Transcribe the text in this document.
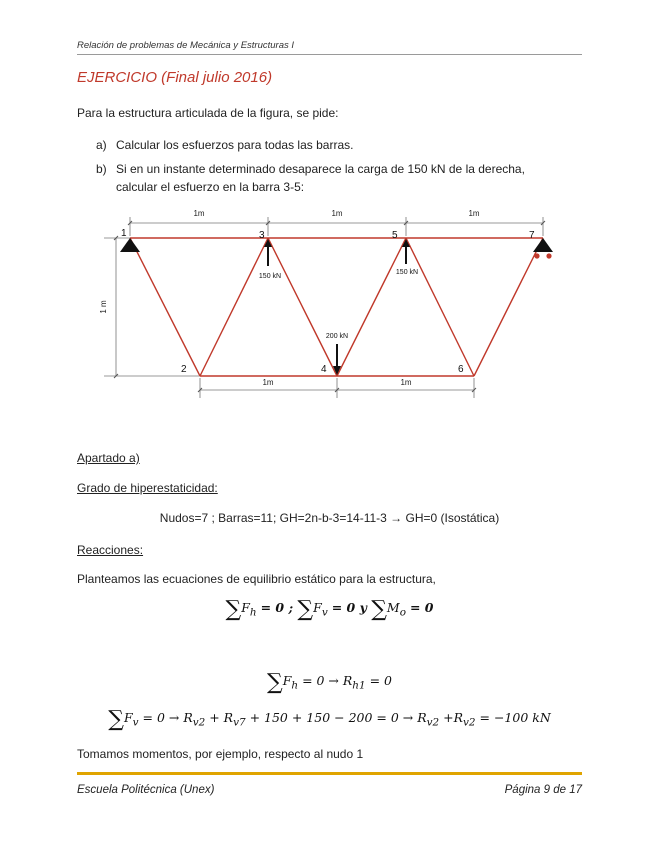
Relación de problemas de Mecánica y Estructuras I
EJERCICIO (Final julio 2016)
Para la estructura articulada de la figura, se pide:
a) Calcular los esfuerzos para todas las barras.
b) Si en un instante determinado desaparece la carga de 150 kN de la derecha,
calcular el esfuerzo en la barra 3-5:
1m	1m	1m
1 m
1m	1m
1
2
3
4
5
6
7
150 kN
150 kN
200 kN
Apartado a)
Grado de hiperestaticidad:
Nudos=7 ; Barras=11; GH=2n-b-3=14-11-3 → GH=0 (Isostática)
Reacciones:
Planteamos las ecuaciones de equilibrio estático para la estructura,
$\sum F_h = 0$ ; $\sum F_v = 0$ y $\sum M_o = 0$
$\sum F_h = 0 \to R_{h1} = 0$
$\sum F_v = 0 \to R_{v2} + R_{v7} + 150 + 150 - 200 = 0 \to R_{v2} +R_{v2} = -100$ kN
Tomamos momentos, por ejemplo, respecto al nudo 1
Escuela Politécnica (Unex)	Página 9 de 17
